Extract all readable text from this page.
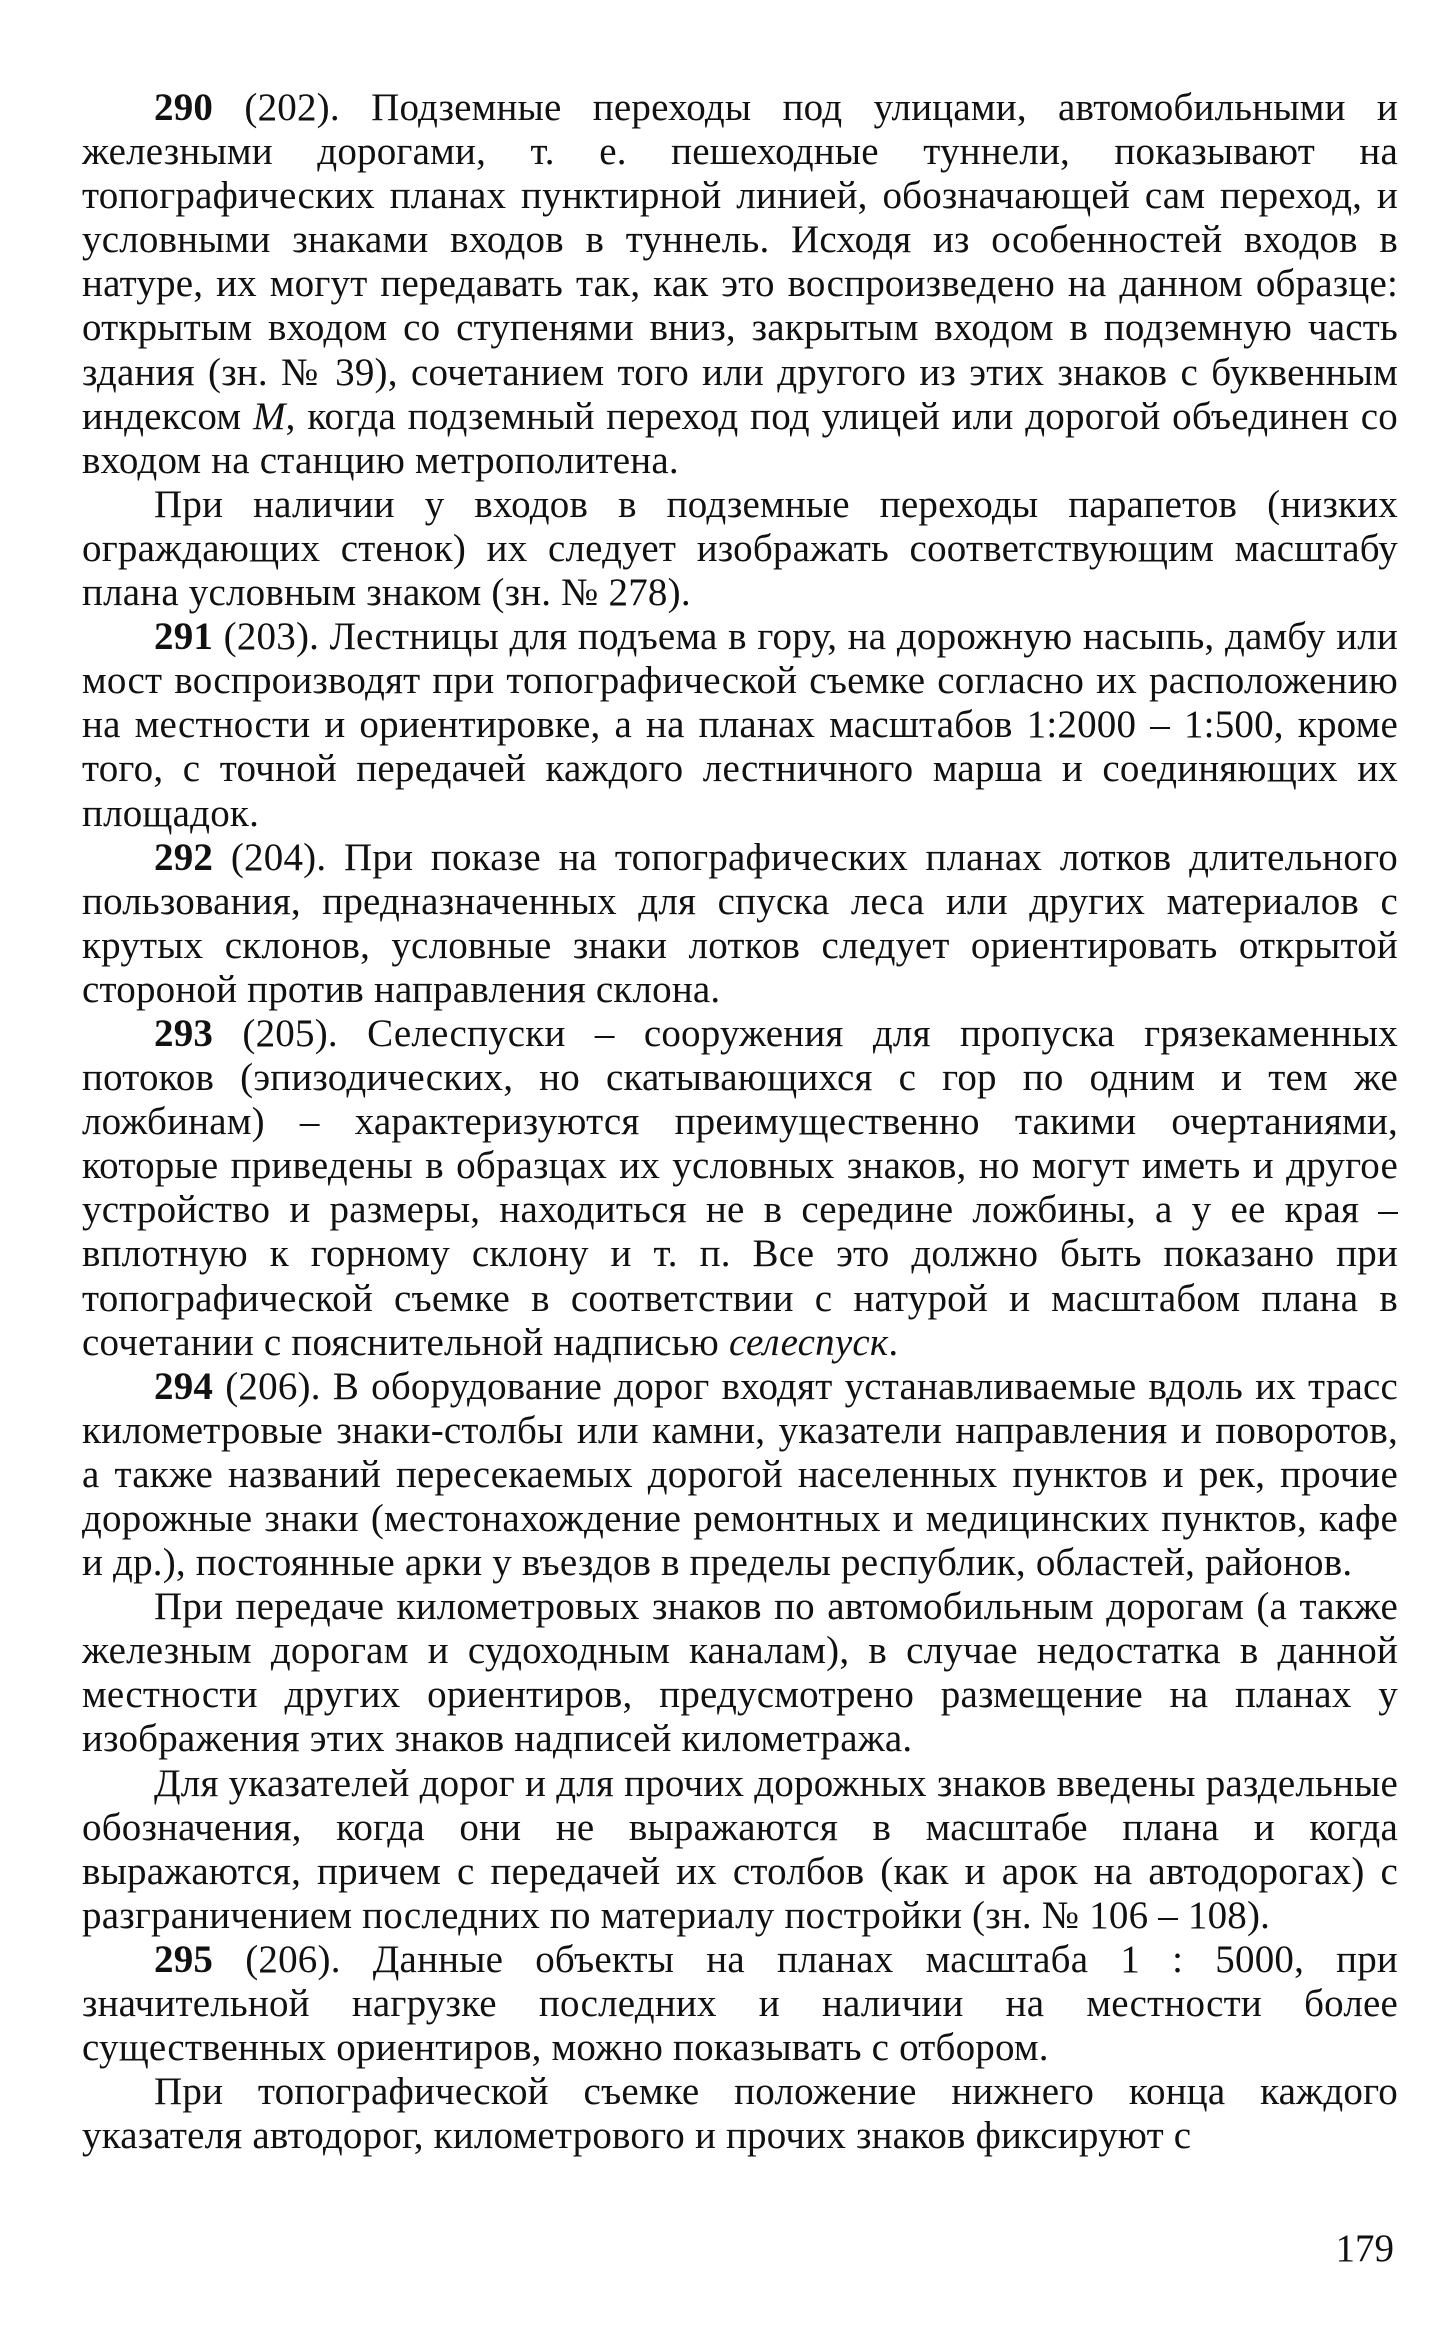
290 (202). Подземные переходы под улицами, автомобильными и железными дорогами, т. е. пешеходные туннели, показывают на топографических планах пунктирной линией, обозначающей сам переход, и условными знаками входов в туннель. Исходя из особенностей входов в натуре, их могут передавать так, как это воспроизведено на данном образце: открытым входом со ступенями вниз, закрытым входом в подземную часть здания (зн. № 39), сочетанием того или другого из этих знаков с буквенным индексом М, когда подземный переход под улицей или дорогой объединен со входом на станцию метрополитена.

При наличии у входов в подземные переходы парапетов (низких ограждающих стенок) их следует изображать соответствующим масштабу плана условным знаком (зн. № 278).

291 (203). Лестницы для подъема в гору, на дорожную насыпь, дамбу или мост воспроизводят при топографической съемке согласно их расположению на местности и ориентировке, а на планах масштабов 1:2000 – 1:500, кроме того, с точной передачей каждого лестничного марша и соединяющих их площадок.

292 (204). При показе на топографических планах лотков длительного пользования, предназначенных для спуска леса или других материалов с крутых склонов, условные знаки лотков следует ориентировать открытой стороной против направления склона.

293 (205). Селеспуски – сооружения для пропуска грязекаменных потоков (эпизодических, но скатывающихся с гор по одним и тем же ложбинам) – характеризуются преимущественно такими очертаниями, которые приведены в образцах их условных знаков, но могут иметь и другое устройство и размеры, находиться не в середине ложбины, а у ее края – вплотную к горному склону и т. п. Все это должно быть показано при топографической съемке в соответствии с натурой и масштабом плана в сочетании с пояснительной надписью селеспуск.

294 (206). В оборудование дорог входят устанавливаемые вдоль их трасс километровые знаки-столбы или камни, указатели направления и поворотов, а также названий пересекаемых дорогой населенных пунктов и рек, прочие дорожные знаки (местонахождение ремонтных и медицинских пунктов, кафе и др.), постоянные арки у въездов в пределы республик, областей, районов.

При передаче километровых знаков по автомобильным дорогам (а также железным дорогам и судоходным каналам), в случае недостатка в данной местности других ориентиров, предусмотрено размещение на планах у изображения этих знаков надписей километража.

Для указателей дорог и для прочих дорожных знаков введены раздельные обозначения, когда они не выражаются в масштабе плана и когда выражаются, причем с передачей их столбов (как и арок на автодорогах) с разграничением последних по материалу постройки (зн. № 106 – 108).

295 (206). Данные объекты на планах масштаба 1 : 5000, при значительной нагрузке последних и наличии на местности более существенных ориентиров, можно показывать с отбором.

При топографической съемке положение нижнего конца каждого указателя автодорог, километрового и прочих знаков фиксируют с

179
